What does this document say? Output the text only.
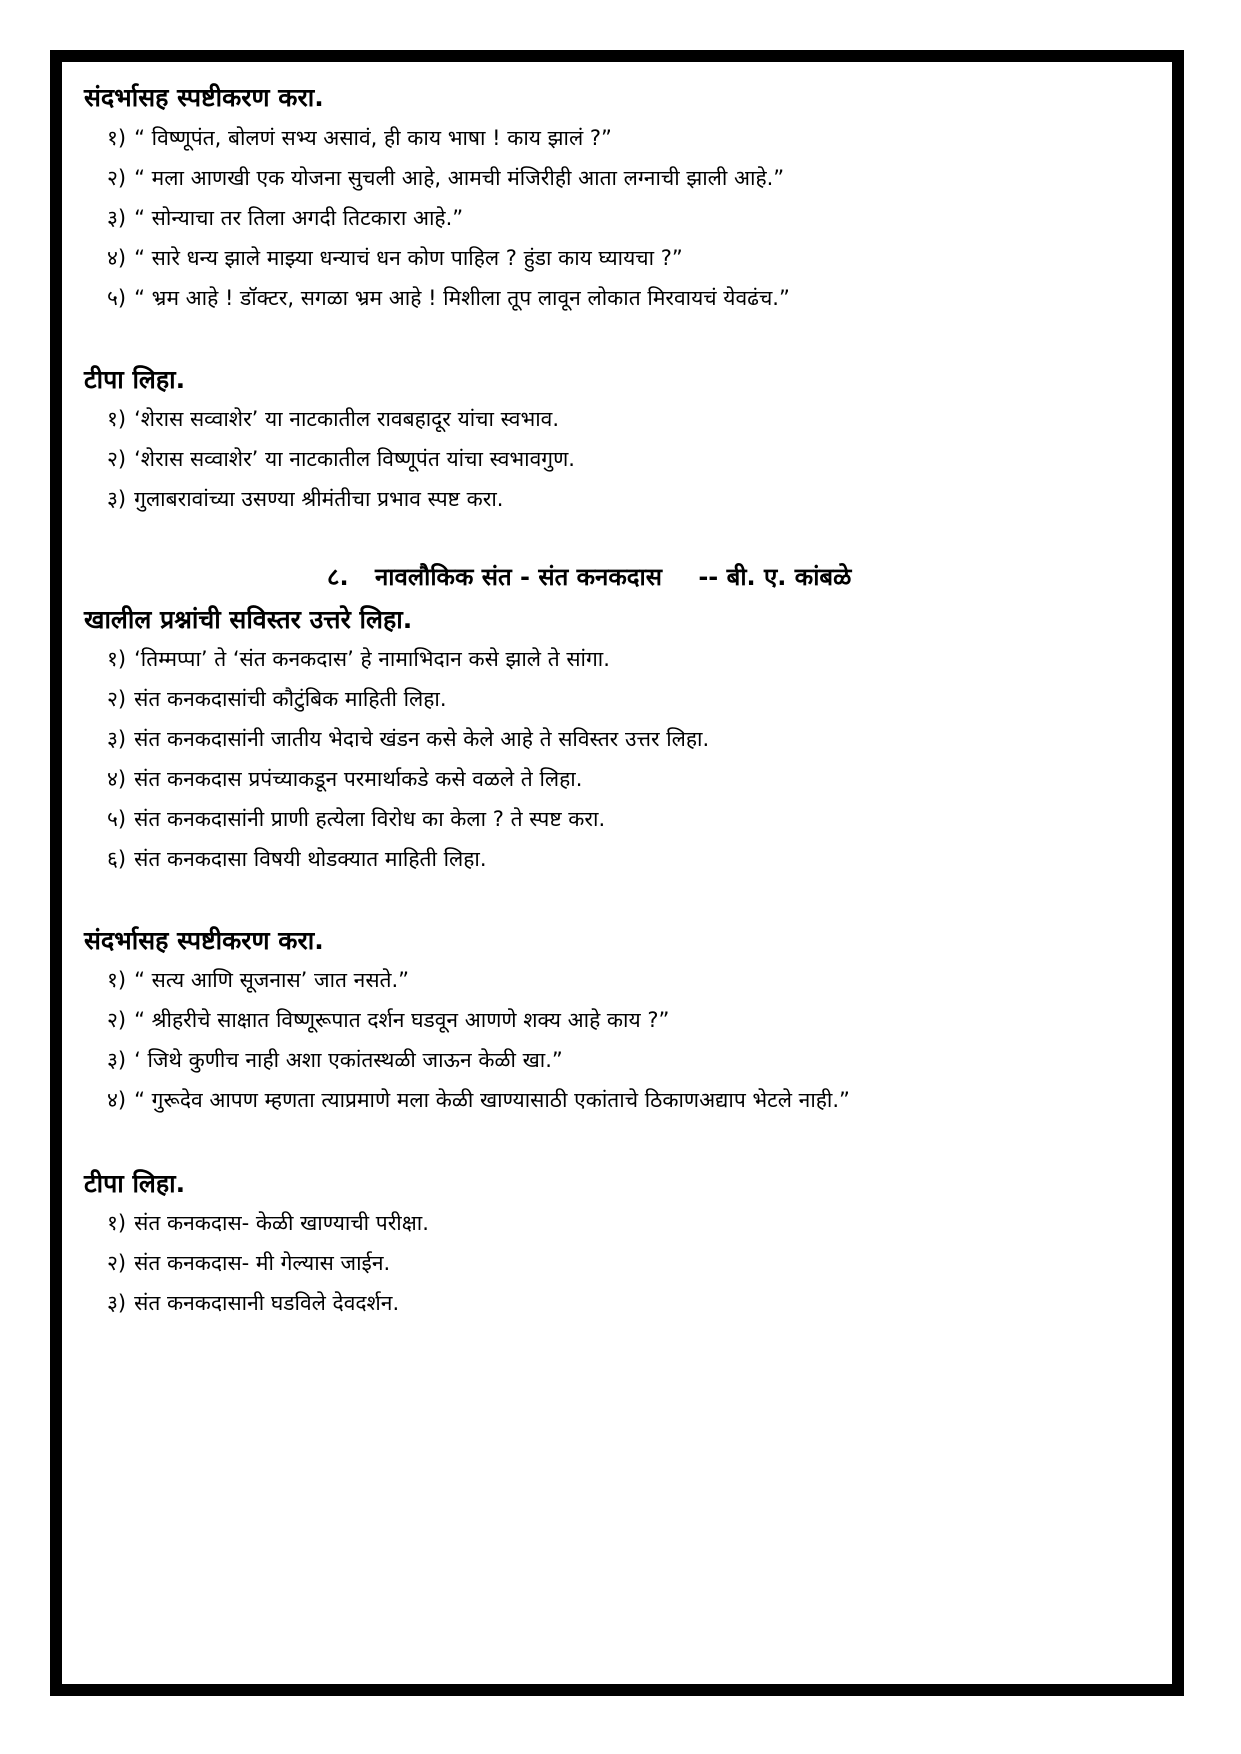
संदर्भासह स्पष्टीकरण करा.
१) “ विष्णूपंत, बोलणं सभ्य असावं, ही काय भाषा ! काय झालं ?”
२) “ मला आणखी एक योजना सुचली आहे, आमची मंजिरीही आता लग्नाची झाली आहे.”
३) “ सोन्याचा तर तिला अगदी तिटकारा आहे.”
४) “ सारे धन्य झाले माझ्या धन्याचं धन कोण पाहिल ? हुंडा काय घ्यायचा ?”
५) “ भ्रम आहे ! डॉक्टर, सगळा भ्रम आहे ! मिशीला तूप लावून लोकात मिरवायचं येवढंच.”
टीपा लिहा.
१) ‘शेरास सव्वाशेर’ या नाटकातील रावबहादूर यांचा स्वभाव.
२) ‘शेरास सव्वाशेर’ या नाटकातील विष्णूपंत यांचा स्वभावगुण.
३) गुलाबरावांच्या उसण्या श्रीमंतीचा प्रभाव स्पष्ट करा.
८. नावलौकिक संत - संत कनकदास -- बी. ए. कांबळे
खालील प्रश्नांची सविस्तर उत्तरे लिहा.
१) ‘तिम्मप्पा’ ते ‘संत कनकदास’ हे नामाभिदान कसे झाले ते सांगा.
२) संत कनकदासांची कौटुंबिक माहिती लिहा.
३) संत कनकदासांनी जातीय भेदाचे खंडन कसे केले आहे ते सविस्तर उत्तर लिहा.
४) संत कनकदास प्रपंच्याकडून परमार्थाकडे कसे वळले ते लिहा.
५) संत कनकदासांनी प्राणी हत्येला विरोध का केला ? ते स्पष्ट करा.
६) संत कनकदासा विषयी थोडक्यात माहिती लिहा.
संदर्भासह स्पष्टीकरण करा.
१) “ सत्य आणि सूजनास’ जात नसते.”
२) “ श्रीहरीचे साक्षात विष्णूरूपात दर्शन घडवून आणणे शक्य आहे काय ?”
३) ‘ जिथे कुणीच नाही अशा एकांतस्थळी जाऊन केळी खा.”
४) “ गुरूदेव आपण म्हणता त्याप्रमाणे मला केळी खाण्यासाठी एकांताचे ठिकाणअद्याप भेटले नाही.”
टीपा लिहा.
१) संत कनकदास- केळी खाण्याची परीक्षा.
२) संत कनकदास- मी गेल्यास जाईन.
३) संत कनकदासानी घडविले देवदर्शन.
